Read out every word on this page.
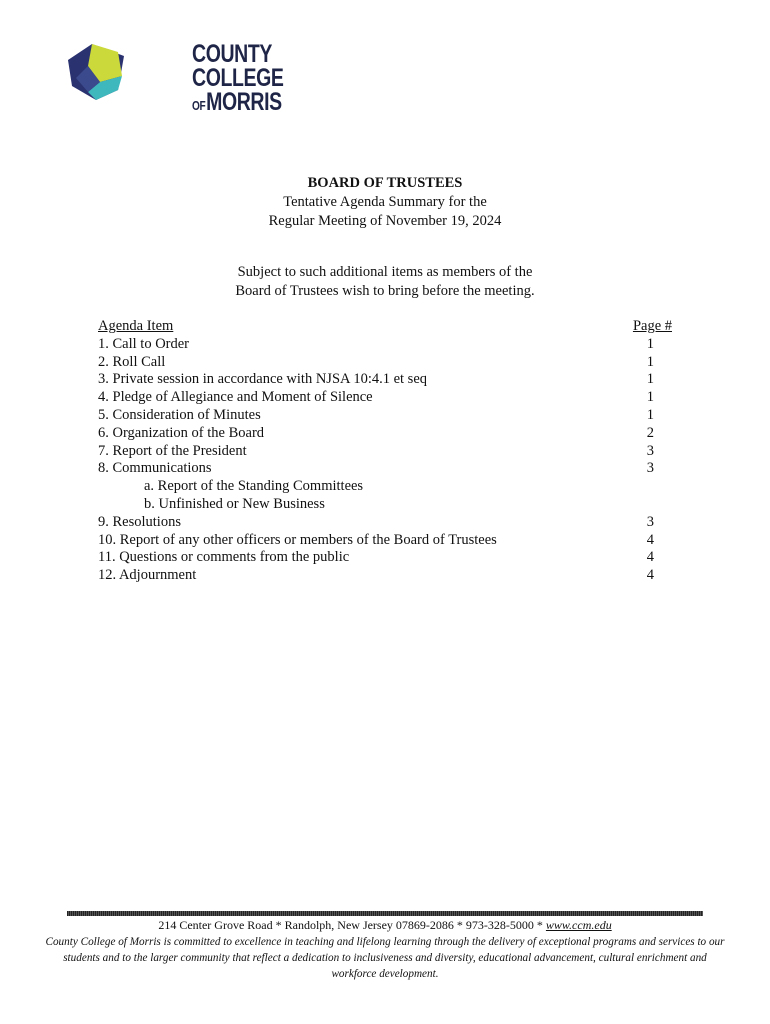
COUNTY
COLLEGE
OFMORRIS
BOARD OF TRUSTEES
Tentative Agenda Summary for the
Regular Meeting of November 19, 2024
Subject to such additional items as members of the
Board of Trustees wish to bring before the meeting.
Agenda Item	Page #
1. Call to Order	1
2. Roll Call	1
3. Private session in accordance with NJSA 10:4.1 et seq	1
4. Pledge of Allegiance and Moment of Silence	1
5. Consideration of Minutes	1
6. Organization of the Board	2
7. Report of the President	3
8. Communications	3
a. Report of the Standing Committees
b. Unfinished or New Business
9. Resolutions	3
10. Report of any other officers or members of the Board of Trustees	4
11. Questions or comments from the public	4
12. Adjournment	4
214 Center Grove Road * Randolph, New Jersey 07869-2086 * 973-328-5000 * www.ccm.edu
County College of Morris is committed to excellence in teaching and lifelong learning through the delivery of exceptional programs and services to our students and to the larger community that reflect a dedication to inclusiveness and diversity, educational advancement, cultural enrichment and workforce development.
